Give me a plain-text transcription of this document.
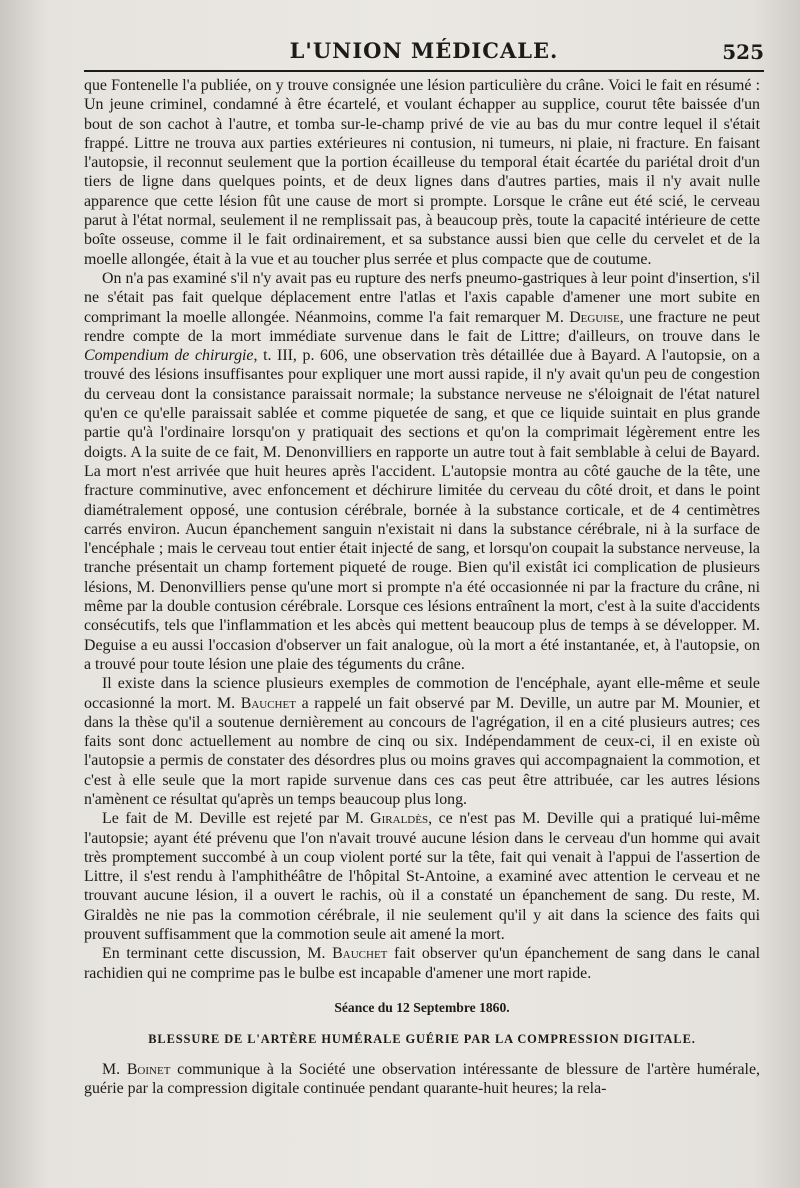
L'UNION MÉDICALE.	525

que Fontenelle l'a publiée, on y trouve consignée une lésion particulière du crâne. Voici le fait en résumé : Un jeune criminel, condamné à être écartelé, et voulant échapper au supplice, courut tête baissée d'un bout de son cachot à l'autre, et tomba sur-le-champ privé de vie au bas du mur contre lequel il s'était frappé. Littre ne trouva aux parties extérieures ni contusion, ni tumeurs, ni plaie, ni fracture. En faisant l'autopsie, il reconnut seulement que la portion écailleuse du temporal était écartée du pariétal droit d'un tiers de ligne dans quelques points, et de deux lignes dans d'autres parties, mais il n'y avait nulle apparence que cette lésion fût une cause de mort si prompte. Lorsque le crâne eut été scié, le cerveau parut à l'état normal, seulement il ne remplissait pas, à beaucoup près, toute la capacité intérieure de cette boîte osseuse, comme il le fait ordinairement, et sa substance aussi bien que celle du cervelet et de la moelle allongée, était à la vue et au toucher plus serrée et plus compacte que de coutume.

On n'a pas examiné s'il n'y avait pas eu rupture des nerfs pneumo-gastriques à leur point d'insertion, s'il ne s'était pas fait quelque déplacement entre l'atlas et l'axis capable d'amener une mort subite en comprimant la moelle allongée. Néanmoins, comme l'a fait remarquer M. Deguise, une fracture ne peut rendre compte de la mort immédiate survenue dans le fait de Littre; d'ailleurs, on trouve dans le Compendium de chirurgie, t. III, p. 606, une observation très détaillée due à Bayard. A l'autopsie, on a trouvé des lésions insuffisantes pour expliquer une mort aussi rapide, il n'y avait qu'un peu de congestion du cerveau dont la consistance paraissait normale; la substance nerveuse ne s'éloignait de l'état naturel qu'en ce qu'elle paraissait sablée et comme piquetée de sang, et que ce liquide suintait en plus grande partie qu'à l'ordinaire lorsqu'on y pratiquait des sections et qu'on la comprimait légèrement entre les doigts. A la suite de ce fait, M. Denonvilliers en rapporte un autre tout à fait semblable à celui de Bayard. La mort n'est arrivée que huit heures après l'accident. L'autopsie montra au côté gauche de la tête, une fracture comminutive, avec enfoncement et déchirure limitée du cerveau du côté droit, et dans le point diamétralement opposé, une contusion cérébrale, bornée à la substance corticale, et de 4 centimètres carrés environ. Aucun épanchement sanguin n'existait ni dans la substance cérébrale, ni à la surface de l'encéphale ; mais le cerveau tout entier était injecté de sang, et lorsqu'on coupait la substance nerveuse, la tranche présentait un champ fortement piqueté de rouge. Bien qu'il existât ici complication de plusieurs lésions, M. Denonvilliers pense qu'une mort si prompte n'a été occasionnée ni par la fracture du crâne, ni même par la double contusion cérébrale. Lorsque ces lésions entraînent la mort, c'est à la suite d'accidents consécutifs, tels que l'inflammation et les abcès qui mettent beaucoup plus de temps à se développer. M. Deguise a eu aussi l'occasion d'observer un fait analogue, où la mort a été instantanée, et, à l'autopsie, on a trouvé pour toute lésion une plaie des téguments du crâne.

Il existe dans la science plusieurs exemples de commotion de l'encéphale, ayant elle-même et seule occasionné la mort. M. Bauchet a rappelé un fait observé par M. Deville, un autre par M. Mounier, et dans la thèse qu'il a soutenue dernièrement au concours de l'agrégation, il en a cité plusieurs autres; ces faits sont donc actuellement au nombre de cinq ou six. Indépendamment de ceux-ci, il en existe où l'autopsie a permis de constater des désordres plus ou moins graves qui accompagnaient la commotion, et c'est à elle seule que la mort rapide survenue dans ces cas peut être attribuée, car les autres lésions n'amènent ce résultat qu'après un temps beaucoup plus long.

Le fait de M. Deville est rejeté par M. Giraldès, ce n'est pas M. Deville qui a pratiqué lui-même l'autopsie; ayant été prévenu que l'on n'avait trouvé aucune lésion dans le cerveau d'un homme qui avait très promptement succombé à un coup violent porté sur la tête, fait qui venait à l'appui de l'assertion de Littre, il s'est rendu à l'amphithéâtre de l'hôpital St-Antoine, a examiné avec attention le cerveau et ne trouvant aucune lésion, il a ouvert le rachis, où il a constaté un épanchement de sang. Du reste, M. Giraldès ne nie pas la commotion cérébrale, il nie seulement qu'il y ait dans la science des faits qui prouvent suffisamment que la commotion seule ait amené la mort.

En terminant cette discussion, M. Bauchet fait observer qu'un épanchement de sang dans le canal rachidien qui ne comprime pas le bulbe est incapable d'amener une mort rapide.

Séance du 12 Septembre 1860.
BLESSURE DE L'ARTÈRE HUMÉRALE GUÉRIE PAR LA COMPRESSION DIGITALE.

M. Boinet communique à la Société une observation intéressante de blessure de l'artère humérale, guérie par la compression digitale continuée pendant quarante-huit heures; la rela-
